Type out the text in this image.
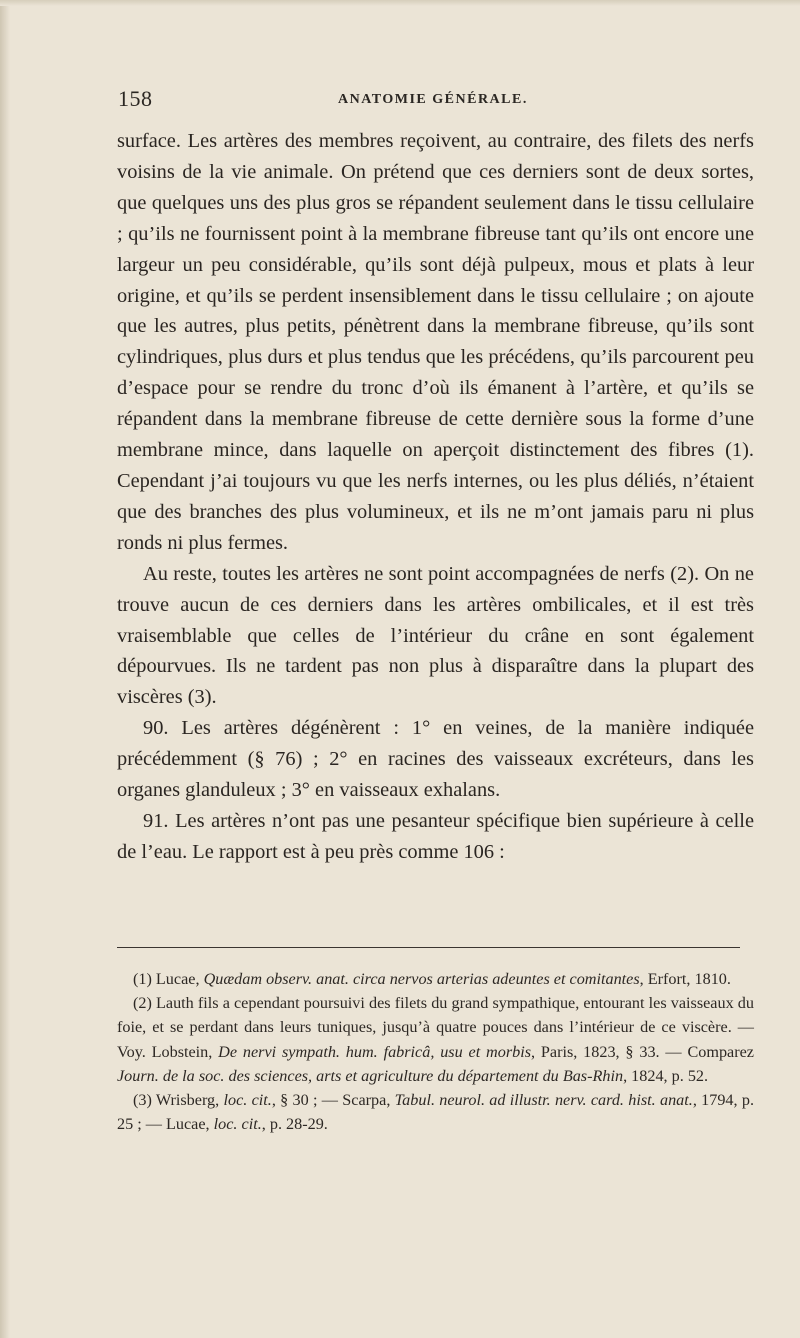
158	ANATOMIE GÉNÉRALE.

surface. Les artères des membres reçoivent, au contraire, des filets des nerfs voisins de la vie animale. On prétend que ces derniers sont de deux sortes, que quelques uns des plus gros se répandent seulement dans le tissu cellulaire ; qu’ils ne fournissent point à la membrane fibreuse tant qu’ils ont encore une largeur un peu considérable, qu’ils sont déjà pulpeux, mous et plats à leur origine, et qu’ils se perdent insensiblement dans le tissu cellulaire ; on ajoute que les autres, plus petits, pénètrent dans la membrane fibreuse, qu’ils sont cylindriques, plus durs et plus tendus que les précédens, qu’ils parcourent peu d’espace pour se rendre du tronc d’où ils émanent à l’artère, et qu’ils se répandent dans la membrane fibreuse de cette dernière sous la forme d’une membrane mince, dans laquelle on aperçoit distinctement des fibres (1). Cependant j’ai toujours vu que les nerfs internes, ou les plus déliés, n’étaient que des branches des plus volumineux, et ils ne m’ont jamais paru ni plus ronds ni plus fermes.

Au reste, toutes les artères ne sont point accompagnées de nerfs (2). On ne trouve aucun de ces derniers dans les artères ombilicales, et il est très vraisemblable que celles de l’intérieur du crâne en sont également dépourvues. Ils ne tardent pas non plus à disparaître dans la plupart des viscères (3).

90. Les artères dégénèrent : 1° en veines, de la manière indiquée précédemment (§ 76) ; 2° en racines des vaisseaux excréteurs, dans les organes glanduleux ; 3° en vaisseaux exhalans.

91. Les artères n’ont pas une pesanteur spécifique bien supérieure à celle de l’eau. Le rapport est à peu près comme 106 :

(1) Lucae, Quædam observ. anat. circa nervos arterias adeuntes et comitantes, Erfort, 1810.

(2) Lauth fils a cependant poursuivi des filets du grand sympathique, entourant les vaisseaux du foie, et se perdant dans leurs tuniques, jusqu’à quatre pouces dans l’intérieur de ce viscère. — Voy. Lobstein, De nervi sympath. hum. fabricâ, usu et morbis, Paris, 1823, § 33. — Comparez Journ. de la soc. des sciences, arts et agriculture du département du Bas-Rhin, 1824, p. 52.

(3) Wrisberg, loc. cit., § 30 ; — Scarpa, Tabul. neurol. ad illustr. nerv. card. hist. anat., 1794, p. 25 ; — Lucae, loc. cit., p. 28-29.
